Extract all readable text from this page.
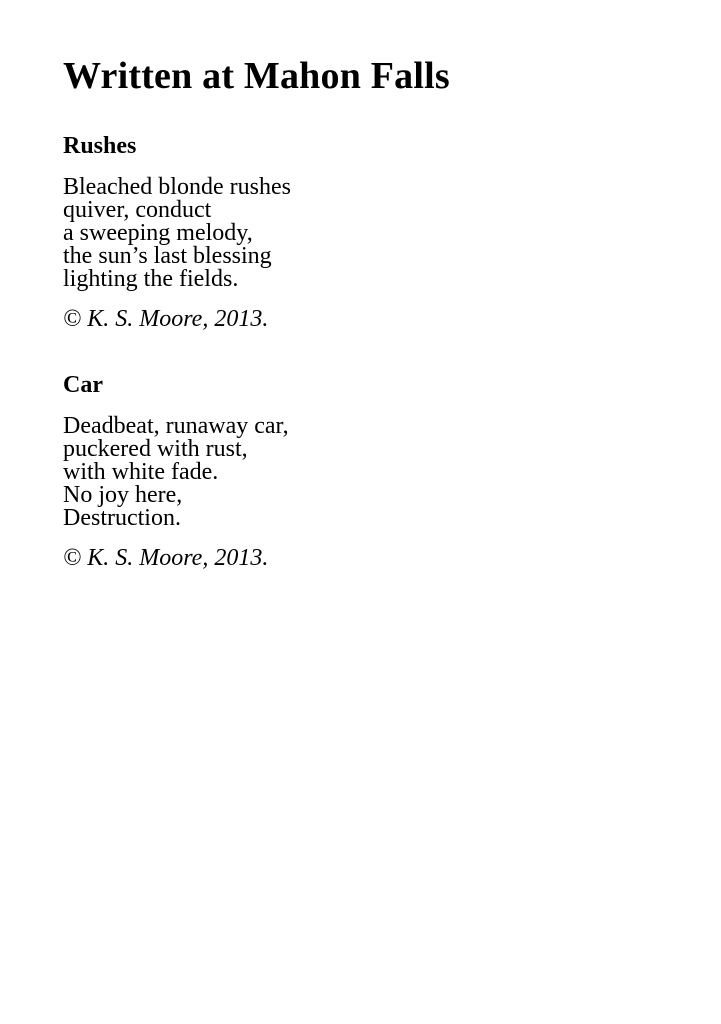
Written at Mahon Falls
Rushes
Bleached blonde rushes
quiver, conduct
a sweeping melody,
the sun’s last blessing
lighting the fields.

© K. S. Moore, 2013.

Car
Deadbeat, runaway car,
puckered with rust,
with white fade.
No joy here,
Destruction.

© K. S. Moore, 2013.
